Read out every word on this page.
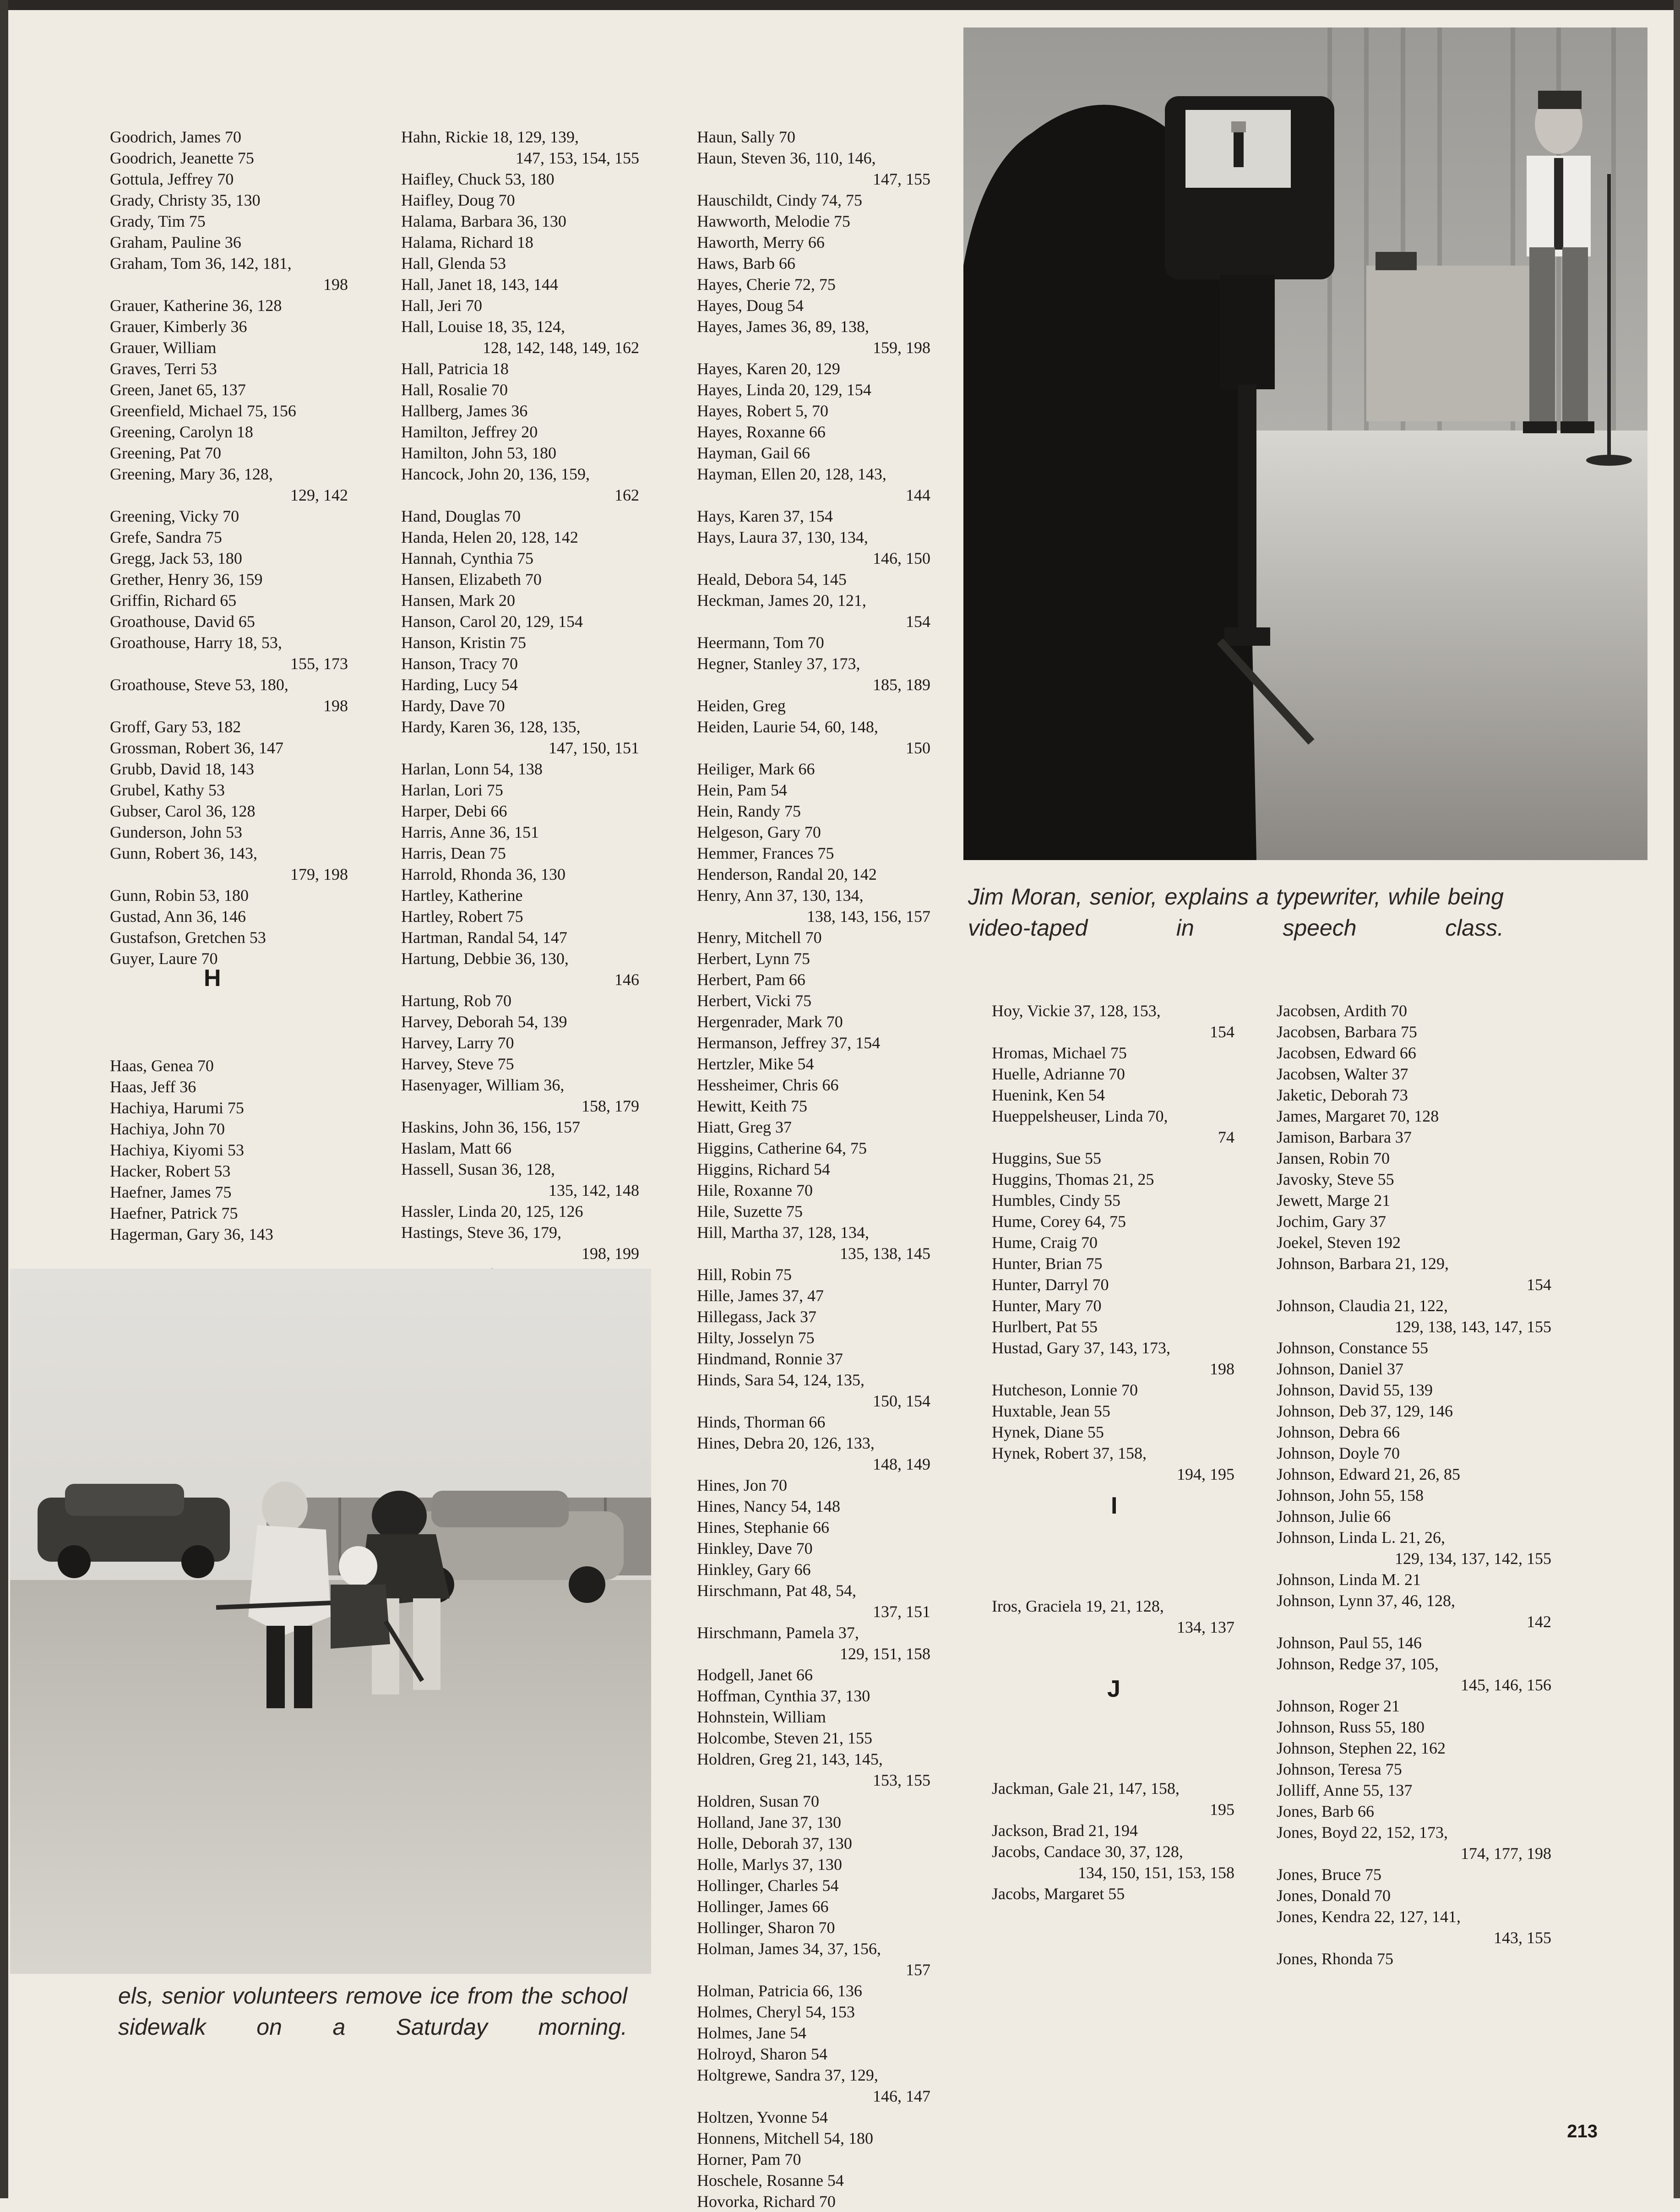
Goodrich, James 70
Goodrich, Jeanette 75
Gottula, Jeffrey 70
Grady, Christy 35, 130
Grady, Tim 75
Graham, Pauline 36
Graham, Tom 36, 142, 181,
198
Grauer, Katherine 36, 128
Grauer, Kimberly 36
Grauer, William
Graves, Terri 53
Green, Janet 65, 137
Greenfield, Michael 75, 156
Greening, Carolyn 18
Greening, Pat 70
Greening, Mary 36, 128,
129, 142
Greening, Vicky 70
Grefe, Sandra 75
Gregg, Jack 53, 180
Grether, Henry 36, 159
Griffin, Richard 65
Groathouse, David 65
Groathouse, Harry 18, 53,
155, 173
Groathouse, Steve 53, 180,
198
Groff, Gary 53, 182
Grossman, Robert 36, 147
Grubb, David 18, 143
Grubel, Kathy 53
Gubser, Carol 36, 128
Gunderson, John 53
Gunn, Robert 36, 143,
179, 198
Gunn, Robin 53, 180
Gustad, Ann 36, 146
Gustafson, Gretchen 53
Guyer, Laure 70
H
Haas, Genea 70
Haas, Jeff 36
Hachiya, Harumi 75
Hachiya, John 70
Hachiya, Kiyomi 53
Hacker, Robert 53
Haefner, James 75
Haefner, Patrick 75
Hagerman, Gary 36, 143
Hahn, Rickie 18, 129, 139,
147, 153, 154, 155
Haifley, Chuck 53, 180
Haifley, Doug 70
Halama, Barbara 36, 130
Halama, Richard 18
Hall, Glenda 53
Hall, Janet 18, 143, 144
Hall, Jeri 70
Hall, Louise 18, 35, 124,
128, 142, 148, 149, 162
Hall, Patricia 18
Hall, Rosalie 70
Hallberg, James 36
Hamilton, Jeffrey 20
Hamilton, John 53, 180
Hancock, John 20, 136, 159,
162
Hand, Douglas 70
Handa, Helen 20, 128, 142
Hannah, Cynthia 75
Hansen, Elizabeth 70
Hansen, Mark 20
Hanson, Carol 20, 129, 154
Hanson, Kristin 75
Hanson, Tracy 70
Harding, Lucy 54
Hardy, Dave 70
Hardy, Karen 36, 128, 135,
147, 150, 151
Harlan, Lonn 54, 138
Harlan, Lori 75
Harper, Debi 66
Harris, Anne 36, 151
Harris, Dean 75
Harrold, Rhonda 36, 130
Hartley, Katherine
Hartley, Robert 75
Hartman, Randal 54, 147
Hartung, Debbie 36, 130,
146
Hartung, Rob 70
Harvey, Deborah 54, 139
Harvey, Larry 70
Harvey, Steve 75
Hasenyager, William 36,
158, 179
Haskins, John 36, 156, 157
Haslam, Matt 66
Hassell, Susan 36, 128,
135, 142, 148
Hassler, Linda 20, 125, 126
Hastings, Steve 36, 179,
198, 199
Haun, Sally 70
Haun, Steven 36, 110, 146,
147, 155
Hauschildt, Cindy 74, 75
Hawworth, Melodie 75
Haworth, Merry 66
Haws, Barb 66
Hayes, Cherie 72, 75
Hayes, Doug 54
Hayes, James 36, 89, 138,
159, 198
Hayes, Karen 20, 129
Hayes, Linda 20, 129, 154
Hayes, Robert 5, 70
Hayes, Roxanne 66
Hayman, Gail 66
Hayman, Ellen 20, 128, 143,
144
Hays, Karen 37, 154
Hays, Laura 37, 130, 134,
146, 150
Heald, Debora 54, 145
Heckman, James 20, 121,
154
Heermann, Tom 70
Hegner, Stanley 37, 173,
185, 189
Heiden, Greg
Heiden, Laurie 54, 60, 148,
150
Heiliger, Mark 66
Hein, Pam 54
Hein, Randy 75
Helgeson, Gary 70
Hemmer, Frances 75
Henderson, Randal 20, 142
Henry, Ann 37, 130, 134,
138, 143, 156, 157
Henry, Mitchell 70
Herbert, Lynn 75
Herbert, Pam 66
Herbert, Vicki 75
Hergenrader, Mark 70
Hermanson, Jeffrey 37, 154
Hertzler, Mike 54
Hessheimer, Chris 66
Hewitt, Keith 75
Hiatt, Greg 37
Higgins, Catherine 64, 75
Higgins, Richard 54
Hile, Roxanne 70
Hile, Suzette 75
Hill, Martha 37, 128, 134,
135, 138, 145
Hill, Robin 75
Hille, James 37, 47
Hillegass, Jack 37
Hilty, Josselyn 75
Hindmand, Ronnie 37
Hinds, Sara 54, 124, 135,
150, 154
Hinds, Thorman 66
Hines, Debra 20, 126, 133,
148, 149
Hines, Jon 70
Hines, Nancy 54, 148
Hines, Stephanie 66
Hinkley, Dave 70
Hinkley, Gary 66
Hirschmann, Pat 48, 54,
137, 151
Hirschmann, Pamela 37,
129, 151, 158
Hodgell, Janet 66
Hoffman, Cynthia 37, 130
Hohnstein, William
Holcombe, Steven 21, 155
Holdren, Greg 21, 143, 145,
153, 155
Holdren, Susan 70
Holland, Jane 37, 130
Holle, Deborah 37, 130
Holle, Marlys 37, 130
Hollinger, Charles 54
Hollinger, James 66
Hollinger, Sharon 70
Holman, James 34, 37, 156,
157
Holman, Patricia 66, 136
Holmes, Cheryl 54, 153
Holmes, Jane 54
Holroyd, Sharon 54
Holtgrewe, Sandra 37, 129,
146, 147
Holtzen, Yvonne 54
Honnens, Mitchell 54, 180
Horner, Pam 70
Hoschele, Rosanne 54
Hovorka, Richard 70
Hoy, Vickie 37, 128, 153,
154
Hromas, Michael 75
Huelle, Adrianne 70
Huenink, Ken 54
Hueppelsheuser, Linda 70,
74
Huggins, Sue 55
Huggins, Thomas 21, 25
Humbles, Cindy 55
Hume, Corey 64, 75
Hume, Craig 70
Hunter, Brian 75
Hunter, Darryl 70
Hunter, Mary 70
Hurlbert, Pat 55
Hustad, Gary 37, 143, 173,
198
Hutcheson, Lonnie 70
Huxtable, Jean 55
Hynek, Diane 55
Hynek, Robert 37, 158,
194, 195
I
Iros, Graciela 19, 21, 128,
134, 137
J
Jackman, Gale 21, 147, 158,
195
Jackson, Brad 21, 194
Jacobs, Candace 30, 37, 128,
134, 150, 151, 153, 158
Jacobs, Margaret 55
Jacobsen, Ardith 70
Jacobsen, Barbara 75
Jacobsen, Edward 66
Jacobsen, Walter 37
Jaketic, Deborah 73
James, Margaret 70, 128
Jamison, Barbara 37
Jansen, Robin 70
Javosky, Steve 55
Jewett, Marge 21
Jochim, Gary 37
Joekel, Steven 192
Johnson, Barbara 21, 129,
154
Johnson, Claudia 21, 122,
129, 138, 143, 147, 155
Johnson, Constance 55
Johnson, Daniel 37
Johnson, David 55, 139
Johnson, Deb 37, 129, 146
Johnson, Debra 66
Johnson, Doyle 70
Johnson, Edward 21, 26, 85
Johnson, John 55, 158
Johnson, Julie 66
Johnson, Linda L. 21, 26,
129, 134, 137, 142, 155
Johnson, Linda M. 21
Johnson, Lynn 37, 46, 128,
142
Johnson, Paul 55, 146
Johnson, Redge 37, 105,
145, 146, 156
Johnson, Roger 21
Johnson, Russ 55, 180
Johnson, Stephen 22, 162
Johnson, Teresa 75
Jolliff, Anne 55, 137
Jones, Barb 66
Jones, Boyd 22, 152, 173,
174, 177, 198
Jones, Bruce 75
Jones, Donald 70
Jones, Kendra 22, 127, 141,
143, 155
Jones, Rhonda 75
Jim Moran, senior, explains a typewriter, while being video-taped in speech class.
els, senior volunteers remove ice from the school sidewalk on a Saturday morning.
213
